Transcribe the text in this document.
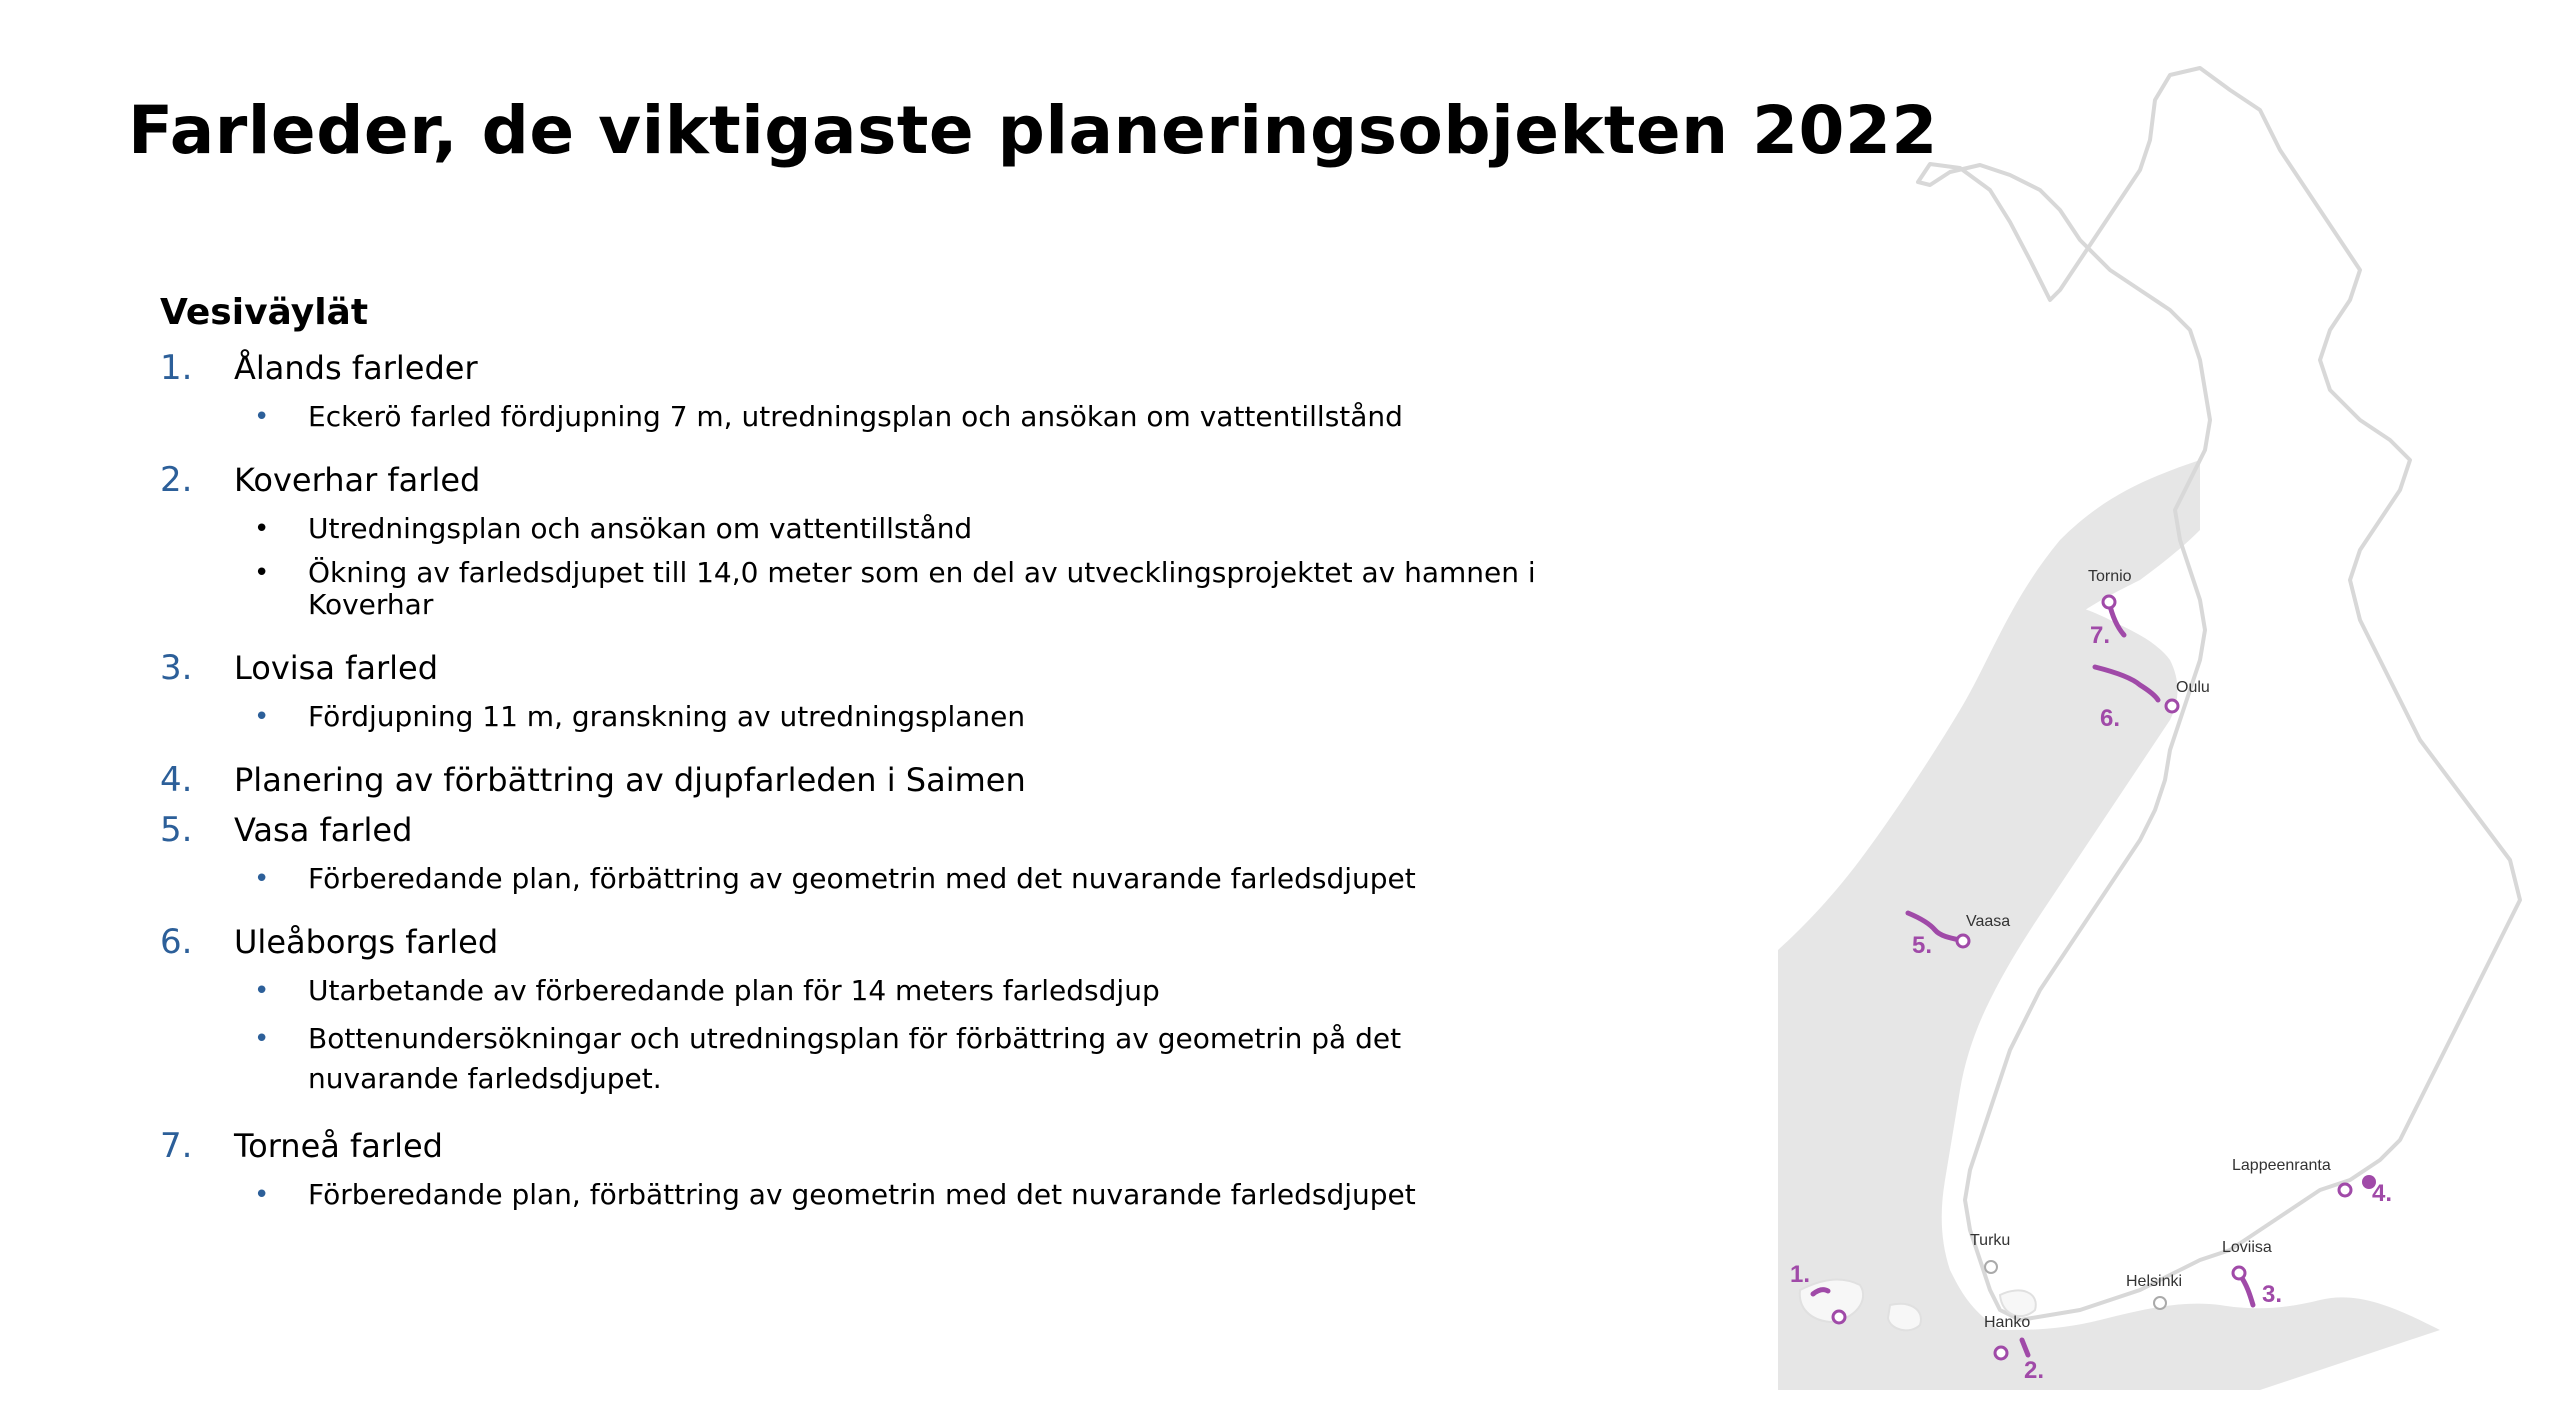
Farleder, de viktigaste planeringsobjekten 2022
Vesiväylät
1. Ålands farleder
• Eckerö farled fördjupning 7 m, utredningsplan och ansökan om vattentillstånd
2. Koverhar farled
• Utredningsplan och ansökan om vattentillstånd
• Ökning av farledsdjupet till 14,0 meter som en del av utvecklingsprojektet av hamnen i Koverhar
3. Lovisa farled
• Fördjupning 11 m, granskning av utredningsplanen
4. Planering av förbättring av djupfarleden i Saimen
5. Vasa farled
• Förberedande plan, förbättring av geometrin med det nuvarande farledsdjupet
6. Uleåborgs farled
• Utarbetande av förberedande plan för 14 meters farledsdjup
• Bottenundersökningar och utredningsplan för förbättring av geometrin på det nuvarande farledsdjupet.
7. Torneå farled
• Förberedande plan, förbättring av geometrin med det nuvarande farledsdjupet
Tornio
Oulu
Vaasa
Lappeenranta
Turku	Loviisa
Helsinki
Hanko
7.
6.
5.
4.
3.
1.
2.
